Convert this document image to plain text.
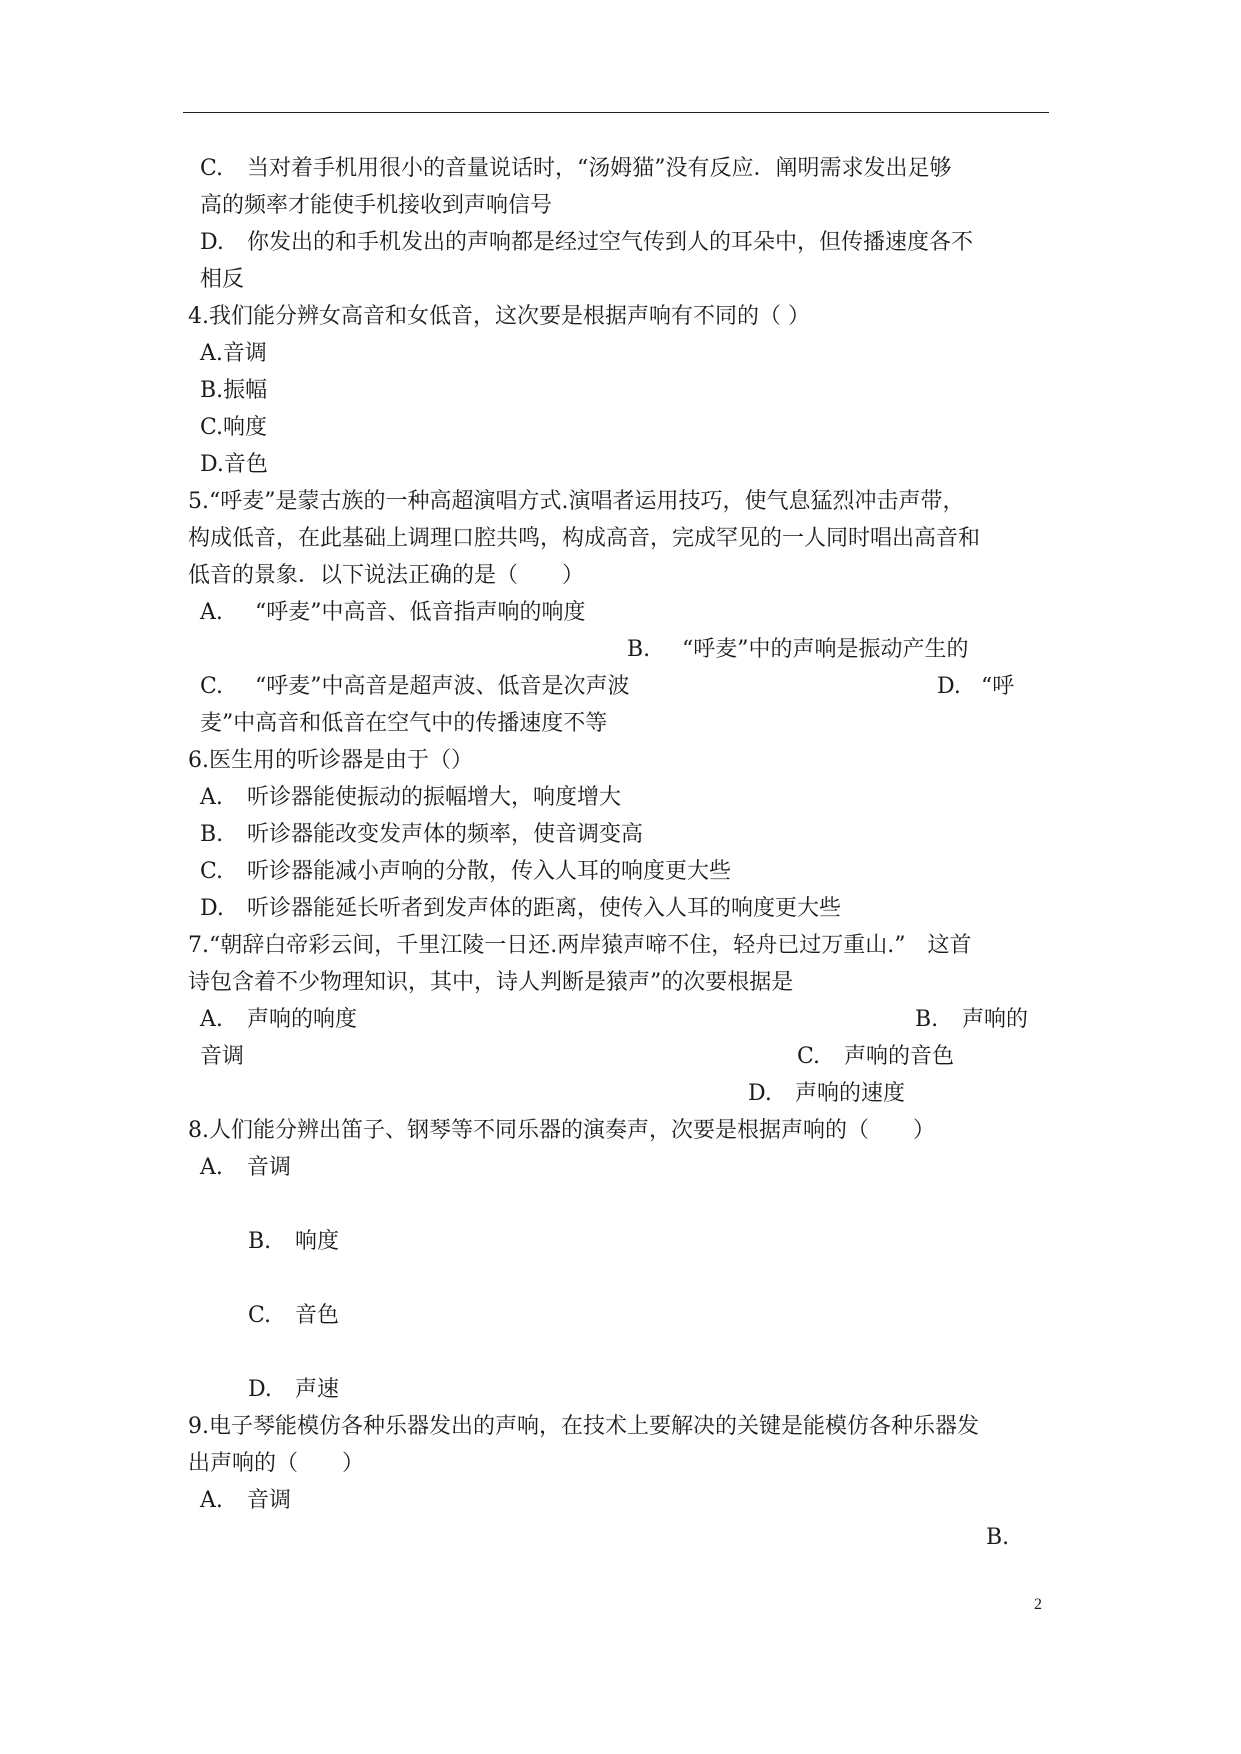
C. 当对着手机用很小的音量说话时，“汤姆猫”没有反应．阐明需求发出足够
高的频率才能使手机接收到声响信号
D. 你发出的和手机发出的声响都是经过空气传到人的耳朵中，但传播速度各不
相反
4.我们能分辨女高音和女低音，这次要是根据声响有不同的（ ）
A.音调
B.振幅
C.响度
D.音色
5.“呼麦”是蒙古族的一种高超演唱方式.演唱者运用技巧，使气息猛烈冲击声带，
构成低音，在此基础上调理口腔共鸣，构成高音，完成罕见的一人同时唱出高音和
低音的景象．以下说法正确的是（　　）
A. “呼麦”中高音、低音指声响的响度
B. “呼麦”中的声响是振动产生的
C. “呼麦”中高音是超声波、低音是次声波	D. “呼
麦”中高音和低音在空气中的传播速度不等
6.医生用的听诊器是由于（）
A. 听诊器能使振动的振幅增大，响度增大
B. 听诊器能改变发声体的频率，使音调变高
C. 听诊器能减小声响的分散，传入人耳的响度更大些
D. 听诊器能延长听者到发声体的距离，使传入人耳的响度更大些
7.“朝辞白帝彩云间，千里江陵一日还.两岸猿声啼不住，轻舟已过万重山.”　这首
诗包含着不少物理知识，其中，诗人判断是猿声”的次要根据是
A. 声响的响度	B. 声响的
音调	C. 声响的音色
D. 声响的速度
8.人们能分辨出笛子、钢琴等不同乐器的演奏声，次要是根据声响的（　　）
A. 音调
B. 响度
C. 音色
D. 声速
9.电子琴能模仿各种乐器发出的声响，在技术上要解决的关键是能模仿各种乐器发
出声响的（　　）
A. 音调
B.
2
